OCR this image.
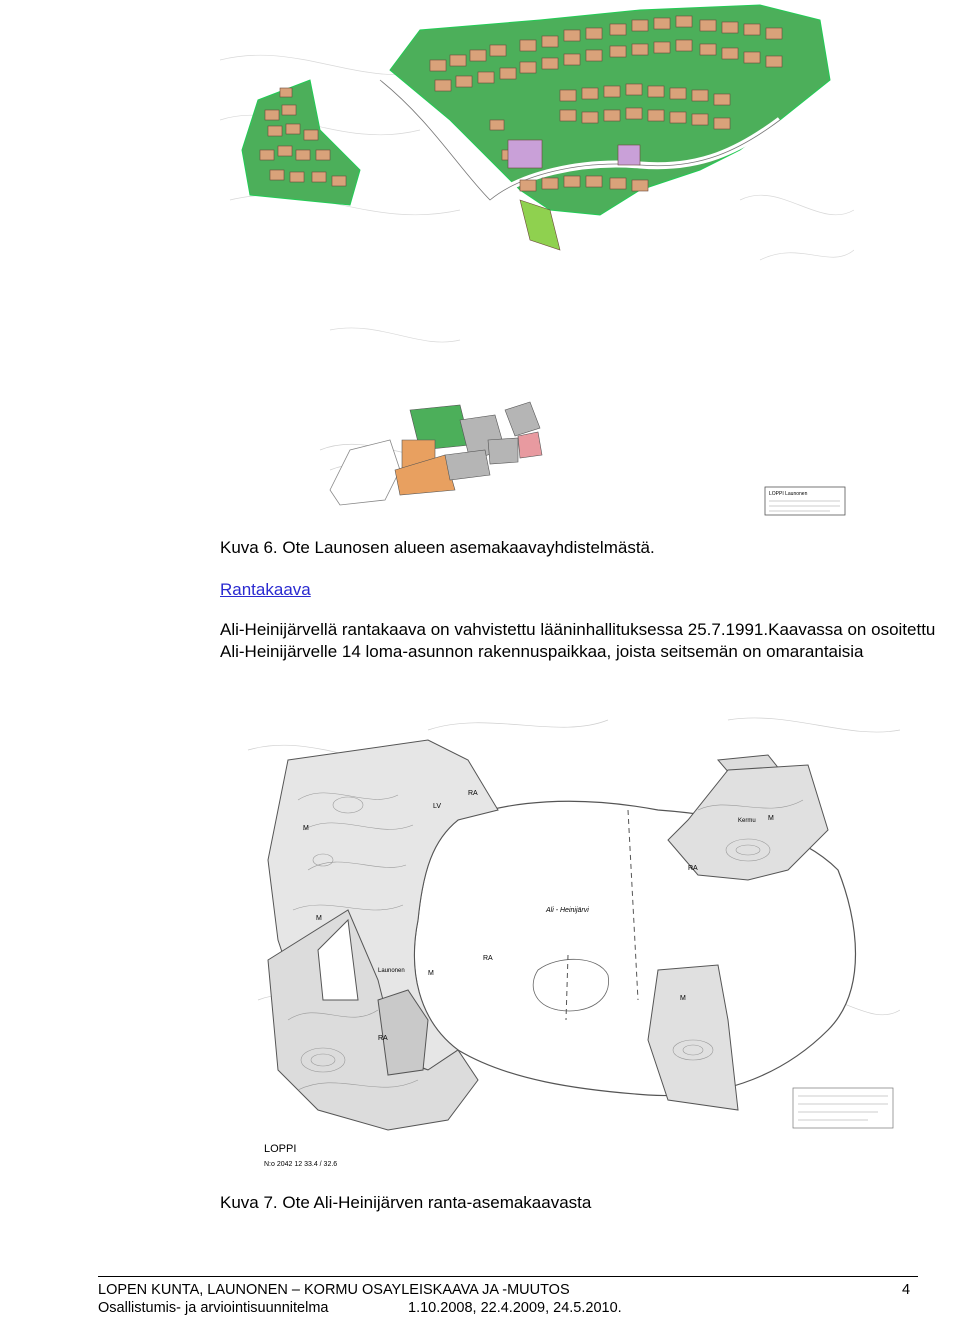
LOPPI Launonen
Kuva 6. Ote Launosen alueen asemakaavayhdistelmästä.
Rantakaava
Ali-Heinijärvellä rantakaava on vahvistettu lääninhallituksessa 25.7.1991.Kaavassa on osoitettu Ali-Heinijärvelle 14 loma-asunnon rakennuspaikkaa, joista seitsemän on omarantaisia
Ali - Heinijärvi
Kermu
Launonen
M
M
M
M
M
RA
RA
RA
LV
RA
LOPPI
N:o 2042 12 33.4 / 32.6
Kuva 7. Ote Ali-Heinijärven ranta-asemakaavasta
LOPEN KUNTA, LAUNONEN – KORMU OSAYLEISKAAVA JA -MUUTOS	4
Osallistumis- ja arviointisuunnitelma	1.10.2008, 22.4.2009, 24.5.2010.
